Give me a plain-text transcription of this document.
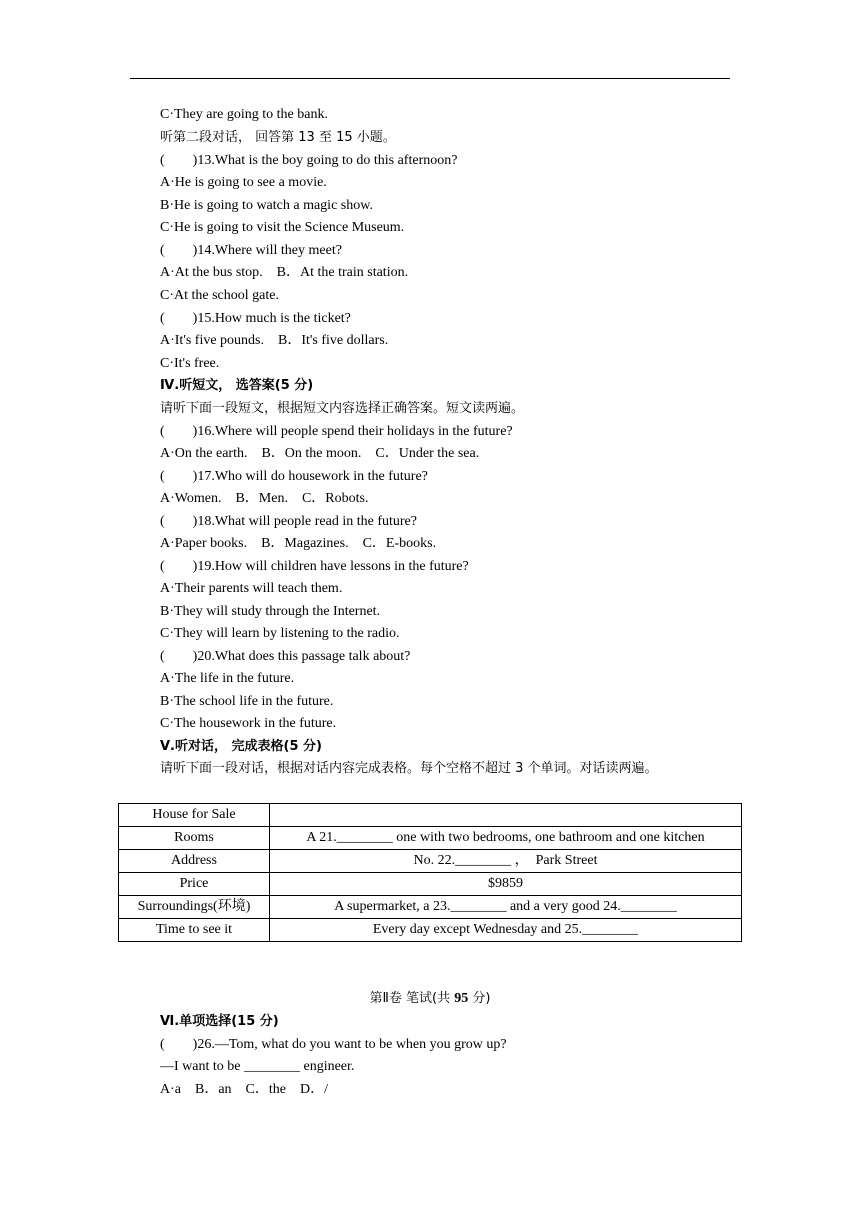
C·They are going to the bank.
听第二段对话， 回答第 13 至 15 小题。
(        )13.What is the boy going to do this afternoon?
A·He is going to see a movie.
B·He is going to watch a magic show.
C·He is going to visit the Science Museum.
(        )14.Where will they meet?
A·At the bus stop.    B．At the train station.
C·At the school gate.
(        )15.How much is the ticket?
A·It's five pounds.    B．It's five dollars.
C·It's free.
Ⅳ.听短文， 选答案(5 分)
请听下面一段短文，根据短文内容选择正确答案。短文读两遍。
(        )16.Where will people spend their holidays in the future?
A·On the earth.    B．On the moon.    C．Under the sea.
(        )17.Who will do housework in the future?
A·Women.    B．Men.    C．Robots.
(        )18.What will people read in the future?
A·Paper books.    B．Magazines.    C．E-books.
(        )19.How will children have lessons in the future?
A·Their parents will teach them.
B·They will study through the Internet.
C·They will learn by listening to the radio.
(        )20.What does this passage talk about?
A·The life in the future.
B·The school life in the future.
C·The housework in the future.
Ⅴ.听对话， 完成表格(5 分)
请听下面一段对话，根据对话内容完成表格。每个空格不超过 3 个单词。对话读两遍。
House for Sale	
Rooms	A 21.________ one with two bedrooms, one bathroom and one kitchen
Address	No. 22.________ ，  Park Street
Price	$9859
Surroundings(环境)	A supermarket, a 23.________ and a very good 24.________
Time to see it	Every day except Wednesday and 25.________
第Ⅱ卷 笔试(共 95 分)
Ⅵ.单项选择(15 分)
(        )26.—Tom, what do you want to be when you grow up?
—I want to be ________ engineer.
A·a    B．an    C．the    D．/
